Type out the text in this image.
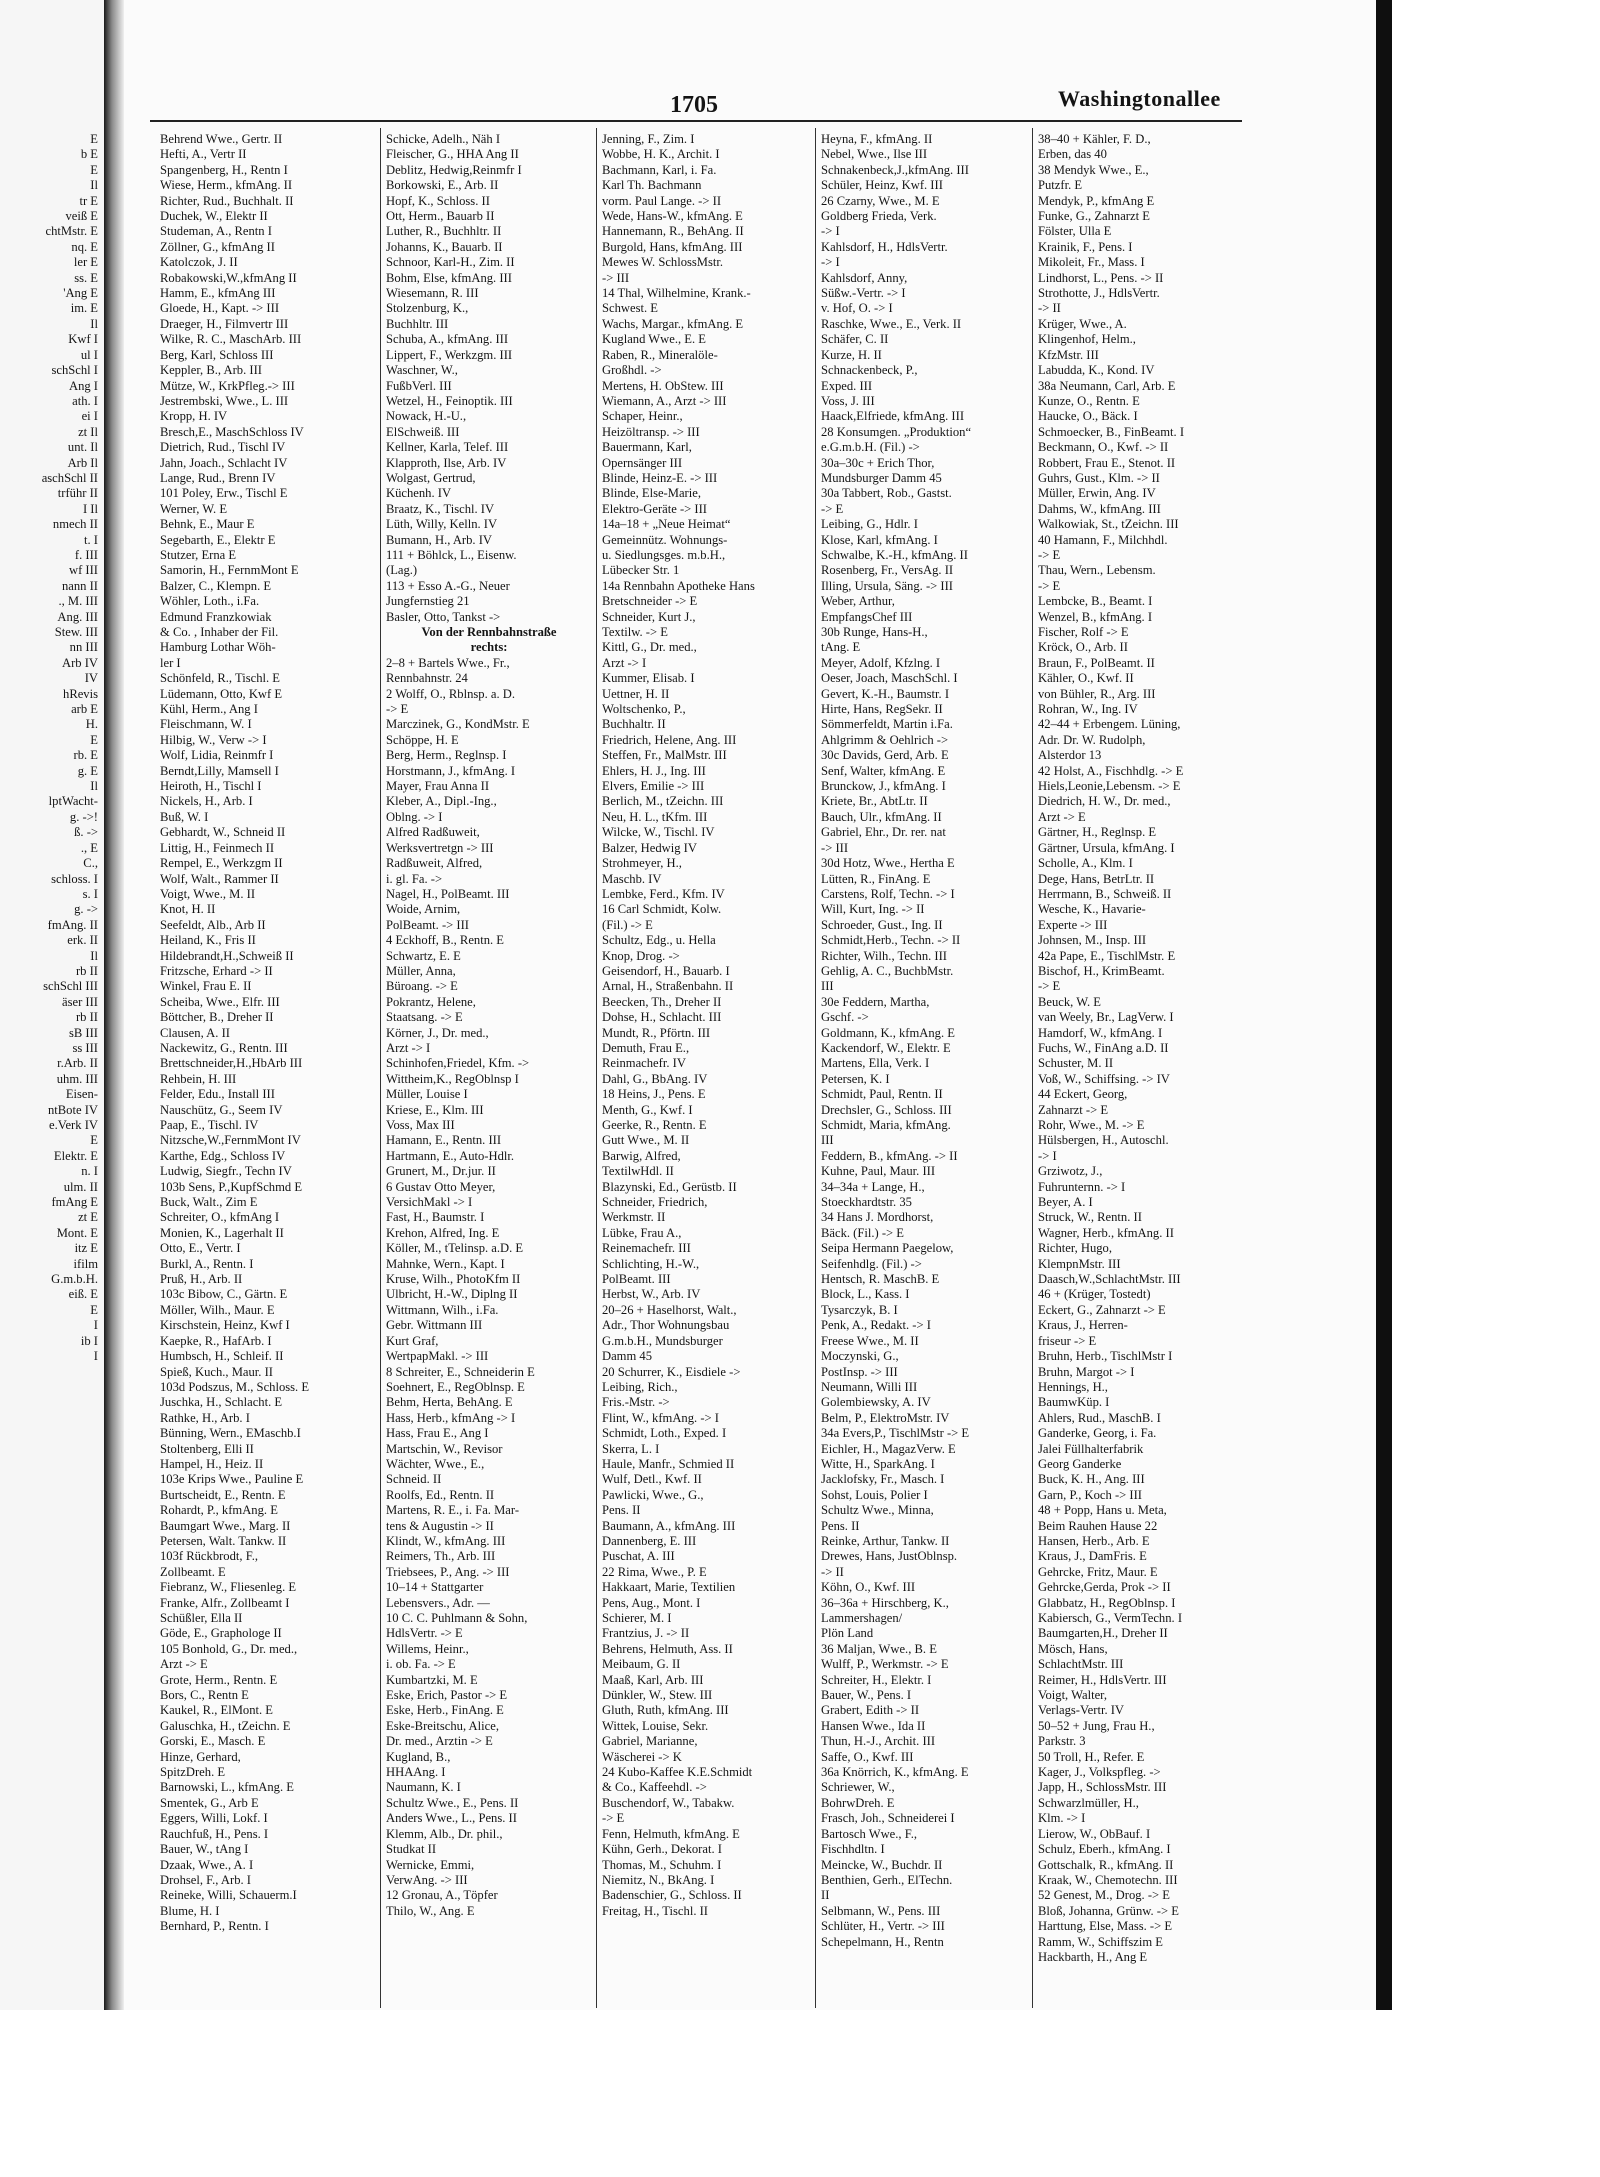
E
b E
E
Il
tr E
veiß E
chtMstr. E
nq. E
ler E
ss. E
'Ang E
im. E
Il
Kwf I
ul I
schSchl I
Ang I
ath. I
ei I
zt Il
unt. Il
Arb Il
aschSchl II
trführ II
I Il
nmech II
t. I
f. III
wf III
nann II
., M. III
Ang. III
Stew. III
nn III
Arb IV
IV
hRevis
arb E
H.
E
rb. E
g. E
Il
lptWacht-
g. ->!
ß. ->
., E
C.,
schloss. I
s. I
g. ->
fmAng. II
erk. II
Il
rb II
schSchl III
äser III
rb II
sB III
ss III
r.Arb. II
uhm. III
Eisen-
ntBote IV
e.Verk IV
E
Elektr. E
n. I
ulm. II
fmAng E
zt E
Mont. E
itz E
ifilm
G.m.b.H.
eiß. E
E
I
ib I
I
1705	Washingtonallee
Behrend Wwe., Gertr. II
Hefti, A., Vertr II
Spangenberg, H., Rentn I
Wiese, Herm., kfmAng. II
Richter, Rud., Buchhalt. II
Duchek, W., Elektr II
Studeman, A., Rentn I
Zöllner, G., kfmAng II
Katolczok, J. II
Robakowski,W.,kfmAng II
Hamm, E., kfmAng III
Gloede, H., Kapt. -> III
Draeger, H., Filmvertr III
Wilke, R. C., MaschArb. III
Berg, Karl, Schloss III
Keppler, B., Arb. III
Mütze, W., KrkPfleg.-> III
Jestrembski, Wwe., L. III
Kropp, H. IV
Bresch,E., MaschSchloss IV
Dietrich, Rud., Tischl IV
Jahn, Joach., Schlacht IV
Lange, Rud., Brenn IV
101 Poley, Erw., Tischl E
Werner, W. E
Behnk, E., Maur E
Segebarth, E., Elektr E
Stutzer, Erna E
Samorin, H., FernmMont E
Balzer, C., Klempn. E
Wöhler, Loth., i.Fa.
Edmund Franzkowiak
& Co. , Inhaber der Fil.
Hamburg Lothar Wöh-
ler I
Schönfeld, R., Tischl. E
Lüdemann, Otto, Kwf E
Kühl, Herm., Ang I
Fleischmann, W. I
Hilbig, W., Verw -> I
Wolf, Lidia, Reinmfr I
Berndt,Lilly, Mamsell I
Heiroth, H., Tischl I
Nickels, H., Arb. I
Buß, W. I
Gebhardt, W., Schneid II
Littig, H., Feinmech II
Rempel, E., Werkzgm II
Wolf, Walt., Rammer II
Voigt, Wwe., M. II
Knot, H. II
Seefeldt, Alb., Arb II
Heiland, K., Fris II
Hildebrandt,H.,Schweiß II
Fritzsche, Erhard -> II
Winkel, Frau E. II
Scheiba, Wwe., Elfr. III
Böttcher, B., Dreher II
Clausen, A. II
Nackewitz, G., Rentn. III
Brettschneider,H.,HbArb III
Rehbein, H. III
Felder, Edu., Install III
Nauschütz, G., Seem IV
Paap, E., Tischl. IV
Nitzsche,W.,FernmMont IV
Karthe, Edg., Schloss IV
Ludwig, Siegfr., Techn IV
103b Sens, P.,KupfSchmd E
Buck, Walt., Zim E
Schreiter, O., kfmAng I
Monien, K., Lagerhalt II
Otto, E., Vertr. I
Burkl, A., Rentn. I
Pruß, H., Arb. II
103c Bibow, C., Gärtn. E
Möller, Wilh., Maur. E
Kirschstein, Heinz, Kwf I
Kaepke, R., HafArb. I
Humbsch, H., Schleif. II
Spieß, Kuch., Maur. II
103d Podszus, M., Schloss. E
Juschka, H., Schlacht. E
Rathke, H., Arb. I
Bünning, Wern., EMaschb.I
Stoltenberg, Elli II
Hampel, H., Heiz. II
103e Krips Wwe., Pauline E
Burtscheidt, E., Rentn. E
Rohardt, P., kfmAng. E
Baumgart Wwe., Marg. II
Petersen, Walt. Tankw. II
103f Rückbrodt, F.,
Zollbeamt. E
Fiebranz, W., Fliesenleg. E
Franke, Alfr., Zollbeamt I
Schüßler, Ella II
Göde, E., Graphologe II
105 Bonhold, G., Dr. med.,
Arzt -> E
Grote, Herm., Rentn. E
Bors, C., Rentn E
Kaukel, R., ElMont. E
Galuschka, H., tZeichn. E
Gorski, E., Masch. E
Hinze, Gerhard,
SpitzDreh. E
Barnowski, L., kfmAng. E
Smentek, G., Arb E
Eggers, Willi, Lokf. I
Rauchfuß, H., Pens. I
Bauer, W., tAng I
Dzaak, Wwe., A. I
Drohsel, F., Arb. I
Reineke, Willi, Schauerm.I
Blume, H. I
Bernhard, P., Rentn. I
Schicke, Adelh., Näh I
Fleischer, G., HHA Ang II
Deblitz, Hedwig,Reinmfr I
Borkowski, E., Arb. II
Hopf, K., Schloss. II
Ott, Herm., Bauarb II
Luther, R., Buchhltr. II
Johanns, K., Bauarb. II
Schnoor, Karl-H., Zim. II
Bohm, Else, kfmAng. III
Wiesemann, R. III
Stolzenburg, K.,
Buchhltr. III
Schuba, A., kfmAng. III
Lippert, F., Werkzgm. III
Waschner, W.,
FußbVerl. III
Wetzel, H., Feinoptik. III
Nowack, H.-U.,
ElSchweiß. III
Kellner, Karla, Telef. III
Klapproth, Ilse, Arb. IV
Wolgast, Gertrud,
Küchenh. IV
Braatz, K., Tischl. IV
Lüth, Willy, Kelln. IV
Bumann, H., Arb. IV
111 + Böhlck, L., Eisenw.
(Lag.)
113 + Esso A.-G., Neuer
Jungfernstieg 21
Basler, Otto, Tankst ->
Von der Rennbahnstraße
rechts:
2–8 + Bartels Wwe., Fr.,
Rennbahnstr. 24
2 Wolff, O., Rblnsp. a. D.
-> E
Marczinek, G., KondMstr. E
Schöppe, H. E
Berg, Herm., Reglnsp. I
Horstmann, J., kfmAng. I
Mayer, Frau Anna II
Kleber, A., Dipl.-Ing.,
Oblng. -> I
Alfred Radßuweit,
Werksvertretgn -> III
Radßuweit, Alfred,
i. gl. Fa. ->
Nagel, H., PolBeamt. III
Woide, Arnim,
PolBeamt. -> III
4 Eckhoff, B., Rentn. E
Schwartz, E. E
Müller, Anna,
Büroang. -> E
Pokrantz, Helene,
Staatsang. -> E
Körner, J., Dr. med.,
Arzt -> I
Schinhofen,Friedel, Kfm. ->
Wittheim,K., RegOblnsp I
Müller, Louise I
Kriese, E., Klm. III
Voss, Max III
Hamann, E., Rentn. III
Hartmann, E., Auto-Hdlr.
Grunert, M., Dr.jur. II
6 Gustav Otto Meyer,
VersichMakl -> I
Fast, H., Baumstr. I
Krehon, Alfred, Ing. E
Köller, M., tTelinsp. a.D. E
Mahnke, Wern., Kapt. I
Kruse, Wilh., PhotoKfm II
Ulbricht, H.-W., Diplng II
Wittmann, Wilh., i.Fa.
Gebr. Wittmann III
Kurt Graf,
WertpapMakl. -> III
8 Schreiter, E., Schneiderin E
Soehnert, E., RegOblnsp. E
Behm, Herta, BehAng. E
Hass, Herb., kfmAng -> I
Hass, Frau E., Ang I
Martschin, W., Revisor
Wächter, Wwe., E.,
Schneid. II
Roolfs, Ed., Rentn. II
Martens, R. E., i. Fa. Mar-
tens & Augustin -> II
Klindt, W., kfmAng. III
Reimers, Th., Arb. III
Triebsees, P., Ang. -> III
10–14 + Stattgarter
Lebensvers., Adr. —
10 C. C. Puhlmann & Sohn,
HdlsVertr. -> E
Willems, Heinr.,
i. ob. Fa. -> E
Kumbartzki, M. E
Eske, Erich, Pastor -> E
Eske, Herb., FinAng. E
Eske-Breitschu, Alice,
Dr. med., Arztin -> E
Kugland, B.,
HHAAng. I
Naumann, K. I
Schultz Wwe., E., Pens. II
Anders Wwe., L., Pens. II
Klemm, Alb., Dr. phil.,
Studkat II
Wernicke, Emmi,
VerwAng. -> III
12 Gronau, A., Töpfer
Thilo, W., Ang. E
Jenning, F., Zim. I
Wobbe, H. K., Archit. I
Bachmann, Karl, i. Fa.
Karl Th. Bachmann
vorm. Paul Lange. -> II
Wede, Hans-W., kfmAng. E
Hannemann, R., BehAng. II
Burgold, Hans, kfmAng. III
Mewes W. SchlossMstr.
-> III
14 Thal, Wilhelmine, Krank.-
Schwest. E
Wachs, Margar., kfmAng. E
Kugland Wwe., E. E
Raben, R., Mineralöle-
Großhdl. ->
Mertens, H. ObStew. III
Wiemann, A., Arzt -> III
Schaper, Heinr.,
Heizöltransp. -> III
Bauermann, Karl,
Opernsänger III
Blinde, Heinz-E. -> III
Blinde, Else-Marie,
Elektro-Geräte -> III
14a–18 + „Neue Heimat“
Gemeinnütz. Wohnungs-
u. Siedlungsges. m.b.H.,
Lübecker Str. 1
14a Rennbahn Apotheke Hans
Bretschneider -> E
Schneider, Kurt J.,
Textilw. -> E
Kittl, G., Dr. med.,
Arzt -> I
Kummer, Elisab. I
Uettner, H. II
Woltschenko, P.,
Buchhaltr. II
Friedrich, Helene, Ang. III
Steffen, Fr., MalMstr. III
Ehlers, H. J., Ing. III
Elvers, Emilie -> III
Berlich, M., tZeichn. III
Neu, H. L., tKfm. III
Wilcke, W., Tischl. IV
Balzer, Hedwig IV
Strohmeyer, H.,
Maschb. IV
Lembke, Ferd., Kfm. IV
16 Carl Schmidt, Kolw.
(Fil.) -> E
Schultz, Edg., u. Hella
Knop, Drog. ->
Geisendorf, H., Bauarb. I
Arnal, H., Straßenbahn. II
Beecken, Th., Dreher II
Dohse, H., Schlacht. III
Mundt, R., Pförtn. III
Demuth, Frau E.,
Reinmachefr. IV
Dahl, G., BbAng. IV
18 Heins, J., Pens. E
Menth, G., Kwf. I
Geerke, R., Rentn. E
Gutt Wwe., M. II
Barwig, Alfred,
TextilwHdl. II
Blazynski, Ed., Gerüstb. II
Schneider, Friedrich,
Werkmstr. II
Lübke, Frau A.,
Reinemachefr. III
Schlichting, H.-W.,
PolBeamt. III
Herbst, W., Arb. IV
20–26 + Haselhorst, Walt.,
Adr., Thor Wohnungsbau
G.m.b.H., Mundsburger
Damm 45
20 Schurrer, K., Eisdiele ->
Leibing, Rich.,
Fris.-Mstr. ->
Flint, W., kfmAng. -> I
Schmidt, Loth., Exped. I
Skerra, L. I
Haule, Manfr., Schmied II
Wulf, Detl., Kwf. II
Pawlicki, Wwe., G.,
Pens. II
Baumann, A., kfmAng. III
Dannenberg, E. III
Puschat, A. III
22 Rima, Wwe., P. E
Hakkaart, Marie, Textilien
Pens, Aug., Mont. I
Schierer, M. I
Frantzius, J. -> II
Behrens, Helmuth, Ass. II
Meibaum, G. II
Maaß, Karl, Arb. III
Dünkler, W., Stew. III
Gluth, Ruth, kfmAng. III
Wittek, Louise, Sekr.
Gabriel, Marianne,
Wäscherei -> K
24 Kubo-Kaffee K.E.Schmidt
& Co., Kaffeehdl. ->
Buschendorf, W., Tabakw.
-> E
Fenn, Helmuth, kfmAng. E
Kühn, Gerh., Dekorat. I
Thomas, M., Schuhm. I
Niemitz, N., BkAng. I
Badenschier, G., Schloss. II
Freitag, H., Tischl. II
Heyna, F., kfmAng. II
Nebel, Wwe., Ilse III
Schnakenbeck,J.,kfmAng. III
Schüler, Heinz, Kwf. III
26 Czarny, Wwe., M. E
Goldberg Frieda, Verk.
-> I
Kahlsdorf, H., HdlsVertr.
-> I
Kahlsdorf, Anny,
Süßw.-Vertr. -> I
v. Hof, O. -> I
Raschke, Wwe., E., Verk. II
Schäfer, C. II
Kurze, H. II
Schnackenbeck, P.,
Exped. III
Voss, J. III
Haack,Elfriede, kfmAng. III
28 Konsumgen. „Produktion“
e.G.m.b.H. (Fil.) ->
30a–30c + Erich Thor,
Mundsburger Damm 45
30a Tabbert, Rob., Gastst.
-> E
Leibing, G., Hdlr. I
Klose, Karl, kfmAng. I
Schwalbe, K.-H., kfmAng. II
Rosenberg, Fr., VersAg. II
Illing, Ursula, Säng. -> III
Weber, Arthur,
EmpfangsChef III
30b Runge, Hans-H.,
tAng. E
Meyer, Adolf, Kfzlng. I
Oeser, Joach, MaschSchl. I
Gevert, K.-H., Baumstr. I
Hirte, Hans, RegSekr. II
Sömmerfeldt, Martin i.Fa.
Ahlgrimm & Oehlrich ->
30c Davids, Gerd, Arb. E
Senf, Walter, kfmAng. E
Brunckow, J., kfmAng. I
Kriete, Br., AbtLtr. II
Bauch, Ulr., kfmAng. II
Gabriel, Ehr., Dr. rer. nat
-> III
30d Hotz, Wwe., Hertha E
Lütten, R., FinAng. E
Carstens, Rolf, Techn. -> I
Will, Kurt, Ing. -> II
Schroeder, Gust., Ing. II
Schmidt,Herb., Techn. -> II
Richter, Wilh., Techn. III
Gehlig, A. C., BuchbMstr.
III
30e Feddern, Martha,
Gschf. ->
Goldmann, K., kfmAng. E
Kackendorf, W., Elektr. E
Martens, Ella, Verk. I
Petersen, K. I
Schmidt, Paul, Rentn. II
Drechsler, G., Schloss. III
Schmidt, Maria, kfmAng.
III
Feddern, B., kfmAng. -> II
Kuhne, Paul, Maur. III
34–34a + Lange, H.,
Stoeckhardtstr. 35
34 Hans J. Mordhorst,
Bäck. (Fil.) -> E
Seipa Hermann Paegelow,
Seifenhdlg. (Fil.) ->
Hentsch, R. MaschB. E
Block, L., Kass. I
Tysarczyk, B. I
Penk, A., Redakt. -> I
Freese Wwe., M. II
Moczynski, G.,
PostInsp. -> III
Neumann, Willi III
Golembiewsky, A. IV
Belm, P., ElektroMstr. IV
34a Evers,P., TischlMstr -> E
Eichler, H., MagazVerw. E
Witte, H., SparkAng. I
Jacklofsky, Fr., Masch. I
Sohst, Louis, Polier I
Schultz Wwe., Minna,
Pens. II
Reinke, Arthur, Tankw. II
Drewes, Hans, JustOblnsp.
-> II
Köhn, O., Kwf. III
36–36a + Hirschberg, K.,
Lammershagen/
Plön Land
36 Maljan, Wwe., B. E
Wulff, P., Werkmstr. -> E
Schreiter, H., Elektr. I
Bauer, W., Pens. I
Grabert, Edith -> II
Hansen Wwe., Ida II
Thun, H.-J., Archit. III
Saffe, O., Kwf. III
36a Knörrich, K., kfmAng. E
Schriewer, W.,
BohrwDreh. E
Frasch, Joh., Schneiderei I
Bartosch Wwe., F.,
Fischhdltn. I
Meincke, W., Buchdr. II
Benthien, Gerh., ElTechn.
II
Selbmann, W., Pens. III
Schlüter, H., Vertr. -> III
Schepelmann, H., Rentn
38–40 + Kähler, F. D.,
Erben, das 40
38 Mendyk Wwe., E.,
Putzfr. E
Mendyk, P., kfmAng E
Funke, G., Zahnarzt E
Fölster, Ulla E
Krainik, F., Pens. I
Mikoleit, Fr., Mass. I
Lindhorst, L., Pens. -> II
Strothotte, J., HdlsVertr.
-> II
Krüger, Wwe., A.
Klingenhof, Helm.,
KfzMstr. III
Labudda, K., Kond. IV
38a Neumann, Carl, Arb. E
Kunze, O., Rentn. E
Haucke, O., Bäck. I
Schmoecker, B., FinBeamt. I
Beckmann, O., Kwf. -> II
Robbert, Frau E., Stenot. II
Guhrs, Gust., Klm. -> II
Müller, Erwin, Ang. IV
Dahms, W., kfmAng. III
Walkowiak, St., tZeichn. III
40 Hamann, F., Milchhdl.
-> E
Thau, Wern., Lebensm.
-> E
Lembcke, B., Beamt. I
Wenzel, B., kfmAng. I
Fischer, Rolf -> E
Kröck, O., Arb. II
Braun, F., PolBeamt. II
Kähler, O., Kwf. II
von Bühler, R., Arg. III
Rohran, W., Ing. IV
42–44 + Erbengem. Lüning,
Adr. Dr. W. Rudolph,
Alsterdor 13
42 Holst, A., Fischhdlg. -> E
Hiels,Leonie,Lebensm. -> E
Diedrich, H. W., Dr. med.,
Arzt -> E
Gärtner, H., Reglnsp. E
Gärtner, Ursula, kfmAng. I
Scholle, A., Klm. I
Dege, Hans, BetrLtr. II
Herrmann, B., Schweiß. II
Wesche, K., Havarie-
Experte -> III
Johnsen, M., Insp. III
42a Pape, E., TischlMstr. E
Bischof, H., KrimBeamt.
-> E
Beuck, W. E
van Weely, Br., LagVerw. I
Hamdorf, W., kfmAng. I
Fuchs, W., FinAng a.D. II
Schuster, M. II
Voß, W., Schiffsing. -> IV
44 Eckert, Georg,
Zahnarzt -> E
Rohr, Wwe., M. -> E
Hülsbergen, H., Autoschl.
-> I
Grziwotz, J.,
Fuhrunternn. -> I
Beyer, A. I
Struck, W., Rentn. II
Wagner, Herb., kfmAng. II
Richter, Hugo,
KlempnMstr. III
Daasch,W.,SchlachtMstr. III
46 + (Krüger, Tostedt)
Eckert, G., Zahnarzt -> E
Kraus, J., Herren-
friseur -> E
Bruhn, Herb., TischlMstr I
Bruhn, Margot -> I
Hennings, H.,
BaumwKüp. I
Ahlers, Rud., MaschB. I
Ganderke, Georg, i. Fa.
Jalei Füllhalterfabrik
Georg Ganderke
Buck, K. H., Ang. III
Garn, P., Koch -> III
48 + Popp, Hans u. Meta,
Beim Rauhen Hause 22
Hansen, Herb., Arb. E
Kraus, J., DamFris. E
Gehrcke, Fritz, Maur. E
Gehrcke,Gerda, Prok -> II
Glabbatz, H., RegOblnsp. I
Kabiersch, G., VermTechn. I
Baumgarten,H., Dreher II
Mösch, Hans,
SchlachtMstr. III
Reimer, H., HdlsVertr. III
Voigt, Walter,
Verlags-Vertr. IV
50–52 + Jung, Frau H.,
Parkstr. 3
50 Troll, H., Refer. E
Kager, J., Volkspfleg. ->
Japp, H., SchlossMstr. III
Schwarzlmüller, H.,
Klm. -> I
Lierow, W., ObBauf. I
Schulz, Eberh., kfmAng. I
Gottschalk, R., kfmAng. II
Kraak, W., Chemotechn. III
52 Genest, M., Drog. -> E
Bloß, Johanna, Grünw. -> E
Harttung, Else, Mass. -> E
Ramm, W., Schiffszim E
Hackbarth, H., Ang E
